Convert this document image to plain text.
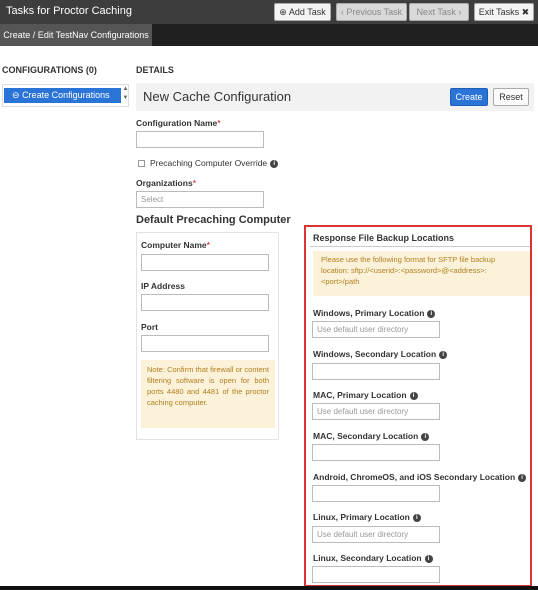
Tasks for Proctor Caching	⊕ Add Task	‹ Previous Task	Next Task ›	Exit Tasks ✖
Create / Edit TestNav Configurations
CONFIGURATIONS (0)
⊖ Create Configurations
▲
▼
DETAILS
New Cache Configuration	Create	Reset
Configuration Name*
Precaching Computer Override i
Organizations*
Select
Default Precaching Computer
Computer Name*
IP Address
Port
Note: Confirm that firewall or content filtering software is open for both ports 4480 and 4481 of the proctor caching computer.
Response File Backup Locations
Please use the following format for SFTP file backup location: sftp://<userid>:<password>@<address>:<port>/path
Windows, Primary Location i
Use default user directory
Windows, Secondary Location i
MAC, Primary Location i
Use default user directory
MAC, Secondary Location i
Android, ChromeOS, and iOS Secondary Location i
Linux, Primary Location i
Use default user directory
Linux, Secondary Location i
